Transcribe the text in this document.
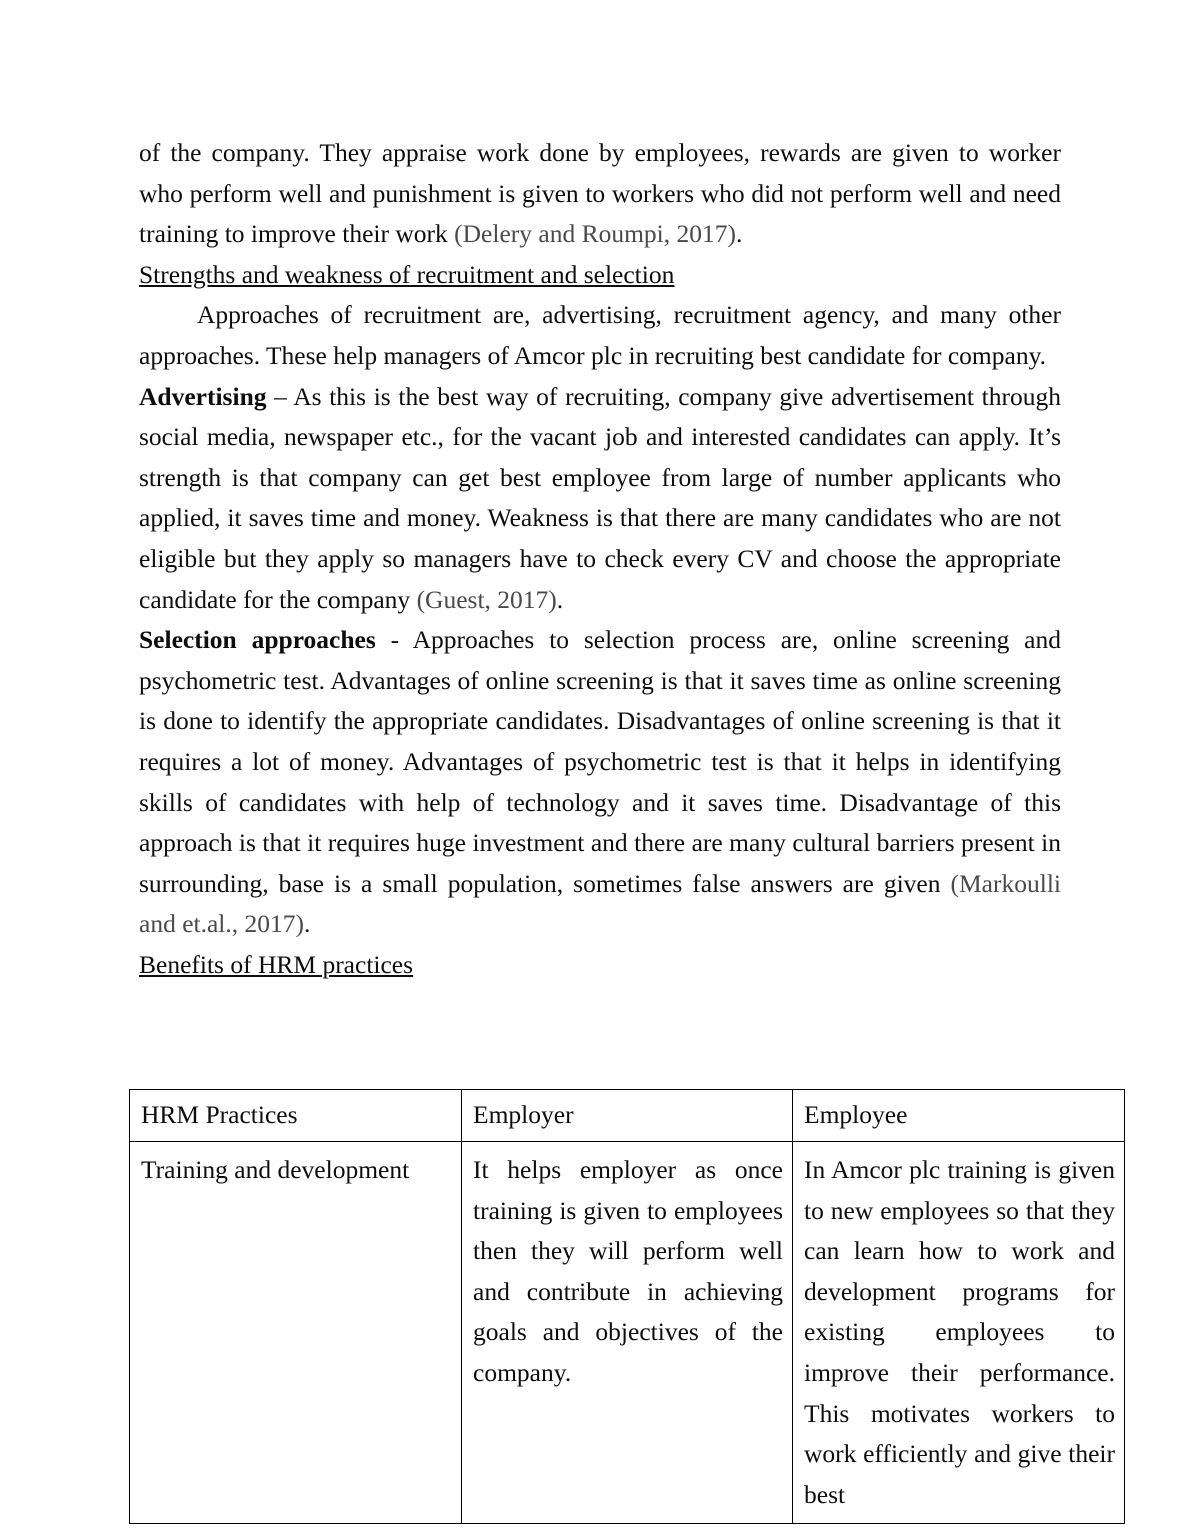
of the company. They appraise work done by employees, rewards are given to worker who perform well and punishment is given to workers who did not perform well and need training to improve their work (Delery and Roumpi, 2017).

Strengths and weakness of recruitment and selection

Approaches of recruitment are, advertising, recruitment agency, and many other approaches. These help managers of Amcor plc in recruiting best candidate for company.

Advertising – As this is the best way of recruiting, company give advertisement through social media, newspaper etc., for the vacant job and interested candidates can apply. It’s strength is that company can get best employee from large of number applicants who applied, it saves time and money. Weakness is that there are many candidates who are not eligible but they apply so managers have to check every CV and choose the appropriate candidate for the company (Guest, 2017).

Selection approaches - Approaches to selection process are, online screening and psychometric test. Advantages of online screening is that it saves time as online screening is done to identify the appropriate candidates. Disadvantages of online screening is that it requires a lot of money. Advantages of psychometric test is that it helps in identifying skills of candidates with help of technology and it saves time. Disadvantage of this approach is that it requires huge investment and there are many cultural barriers present in surrounding, base is a small population, sometimes false answers are given (Markoulli and et.al., 2017).

Benefits of HRM practices

HRM Practices	Employer	Employee
Training and development	It helps employer as once training is given to employees then they will perform well and contribute in achieving goals and objectives of the company.	In Amcor plc training is given to new employees so that they can learn how to work and development programs for existing employees to improve their performance. This motivates workers to work efficiently and give their best
